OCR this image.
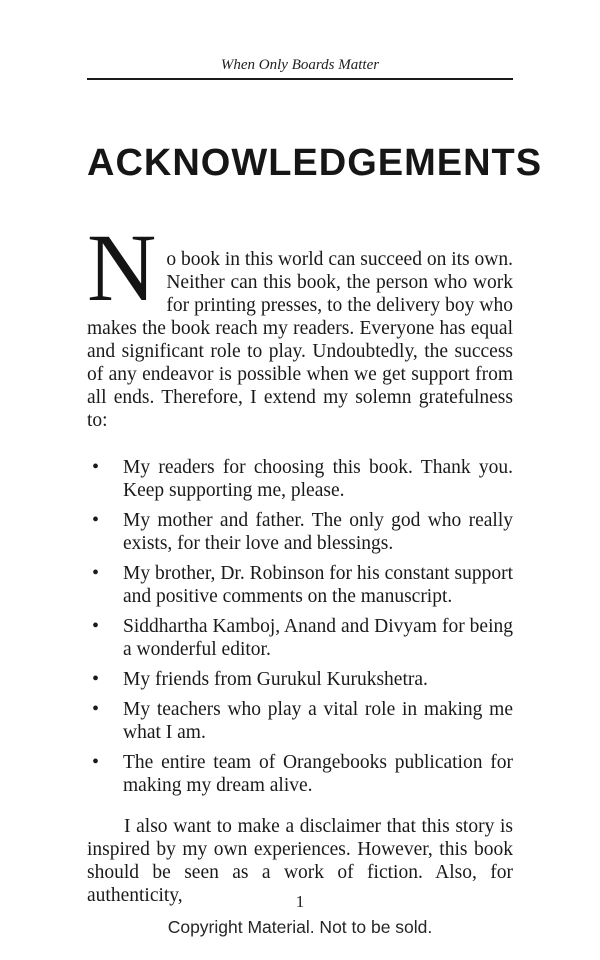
When Only Boards Matter
ACKNOWLEDGEMENTS

No book in this world can succeed on its own. Neither can this book, the person who work for printing presses, to the delivery boy who makes the book reach my readers. Everyone has equal and significant role to play. Undoubtedly, the success of any endeavor is possible when we get support from all ends. Therefore, I extend my solemn gratefulness to:

• My readers for choosing this book. Thank you. Keep supporting me, please.
• My mother and father. The only god who really exists, for their love and blessings.
• My brother, Dr. Robinson for his constant support and positive comments on the manuscript.
• Siddhartha Kamboj, Anand and Divyam for being a wonderful editor.
• My friends from Gurukul Kurukshetra.
• My teachers who play a vital role in making me what I am.
• The entire team of Orangebooks publication for making my dream alive.

I also want to make a disclaimer that this story is inspired by my own experiences. However, this book should be seen as a work of fiction. Also, for authenticity,	1
Copyright Material. Not to be sold.
